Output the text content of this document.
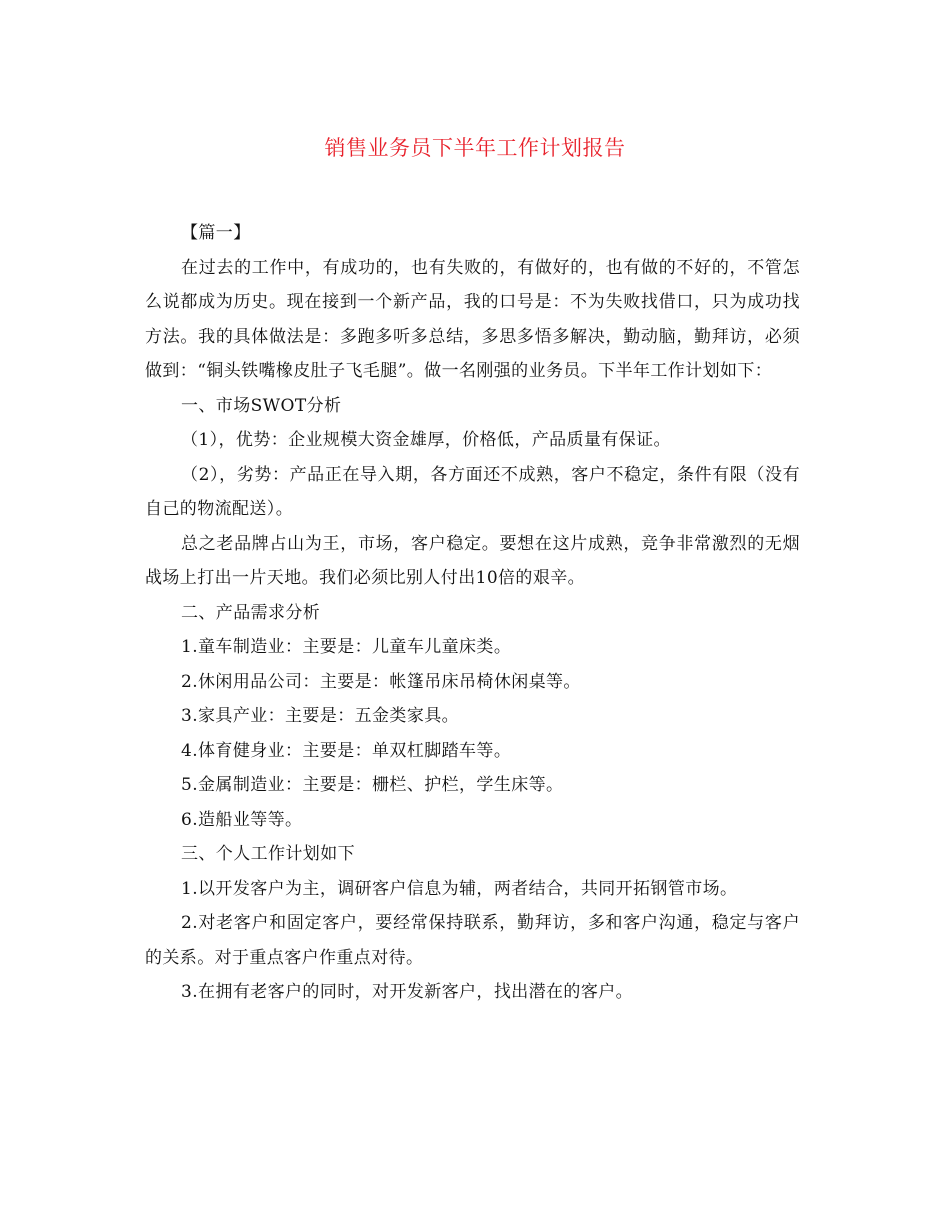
销售业务员下半年工作计划报告

【篇一】

在过去的工作中，有成功的，也有失败的，有做好的，也有做的不好的，不管怎么说都成为历史。现在接到一个新产品，我的口号是：不为失败找借口，只为成功找方法。我的具体做法是：多跑多听多总结，多思多悟多解决，勤动脑，勤拜访，必须做到：“铜头铁嘴橡皮肚子飞毛腿”。做一名刚强的业务员。下半年工作计划如下：

一、市场SWOT分析

（1），优势：企业规模大资金雄厚，价格低，产品质量有保证。

（2），劣势：产品正在导入期，各方面还不成熟，客户不稳定，条件有限（没有自己的物流配送）。

总之老品牌占山为王，市场，客户稳定。要想在这片成熟，竞争非常激烈的无烟战场上打出一片天地。我们必须比别人付出10倍的艰辛。

二、产品需求分析

1.童车制造业：主要是：儿童车儿童床类。

2.休闲用品公司：主要是：帐篷吊床吊椅休闲桌等。

3.家具产业：主要是：五金类家具。

4.体育健身业：主要是：单双杠脚踏车等。

5.金属制造业：主要是：栅栏、护栏，学生床等。

6.造船业等等。

三、个人工作计划如下

1.以开发客户为主，调研客户信息为辅，两者结合，共同开拓钢管市场。

2.对老客户和固定客户，要经常保持联系，勤拜访，多和客户沟通，稳定与客户的关系。对于重点客户作重点对待。

3.在拥有老客户的同时，对开发新客户，找出潜在的客户。
